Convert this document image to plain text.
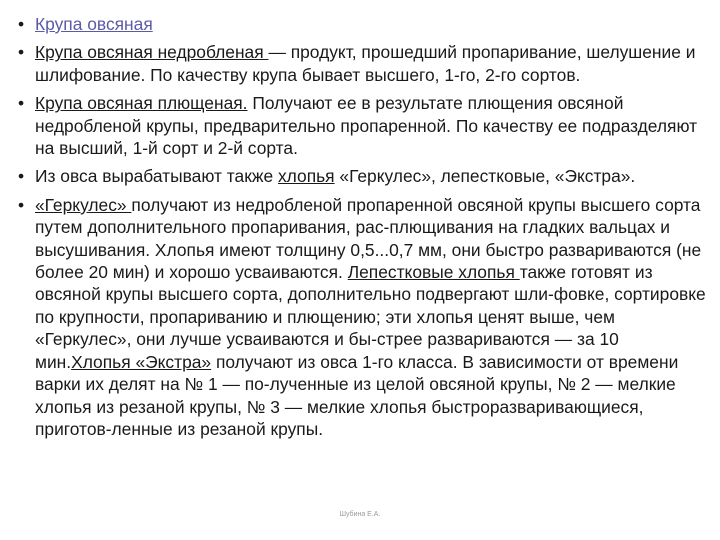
• Крупа овсяная
• Крупа овсяная недробленая — продукт, прошедший пропаривание, шелушение и шлифование. По качеству крупа бывает высшего, 1-го, 2-го сортов.
• Крупа овсяная плющеная. Получают ее в результате плющения овсяной недробленой крупы, предварительно пропаренной. По качеству ее подразделяют на высший, 1-й сорт и 2-й сорта.
• Из овса вырабатывают также хлопья «Геркулес», лепестковые, «Экстра».
• «Геркулес» получают из недробленой пропаренной овсяной крупы высшего сорта путем дополнительного пропаривания, рас-плющивания на гладких вальцах и высушивания. Хлопья имеют толщину 0,5...0,7 мм, они быстро развариваются (не более 20 мин) и хорошо усваиваются. Лепестковые хлопья также готовят из овсяной крупы высшего сорта, дополнительно подвергают шли-фовке, сортировке по крупности, пропариванию и плющению; эти хлопья ценят выше, чем «Геркулес», они лучше усваиваются и бы-стрее развариваются — за 10 мин.Хлопья «Экстра» получают из овса 1-го класса. В зависимости от времени варки их делят на № 1 — по-лученные из целой овсяной крупы, № 2 — мелкие хлопья из резаной крупы, № 3 — мелкие хлопья быстроразваривающиеся, приготов-ленные из резаной крупы.
Шубина Е.А.
